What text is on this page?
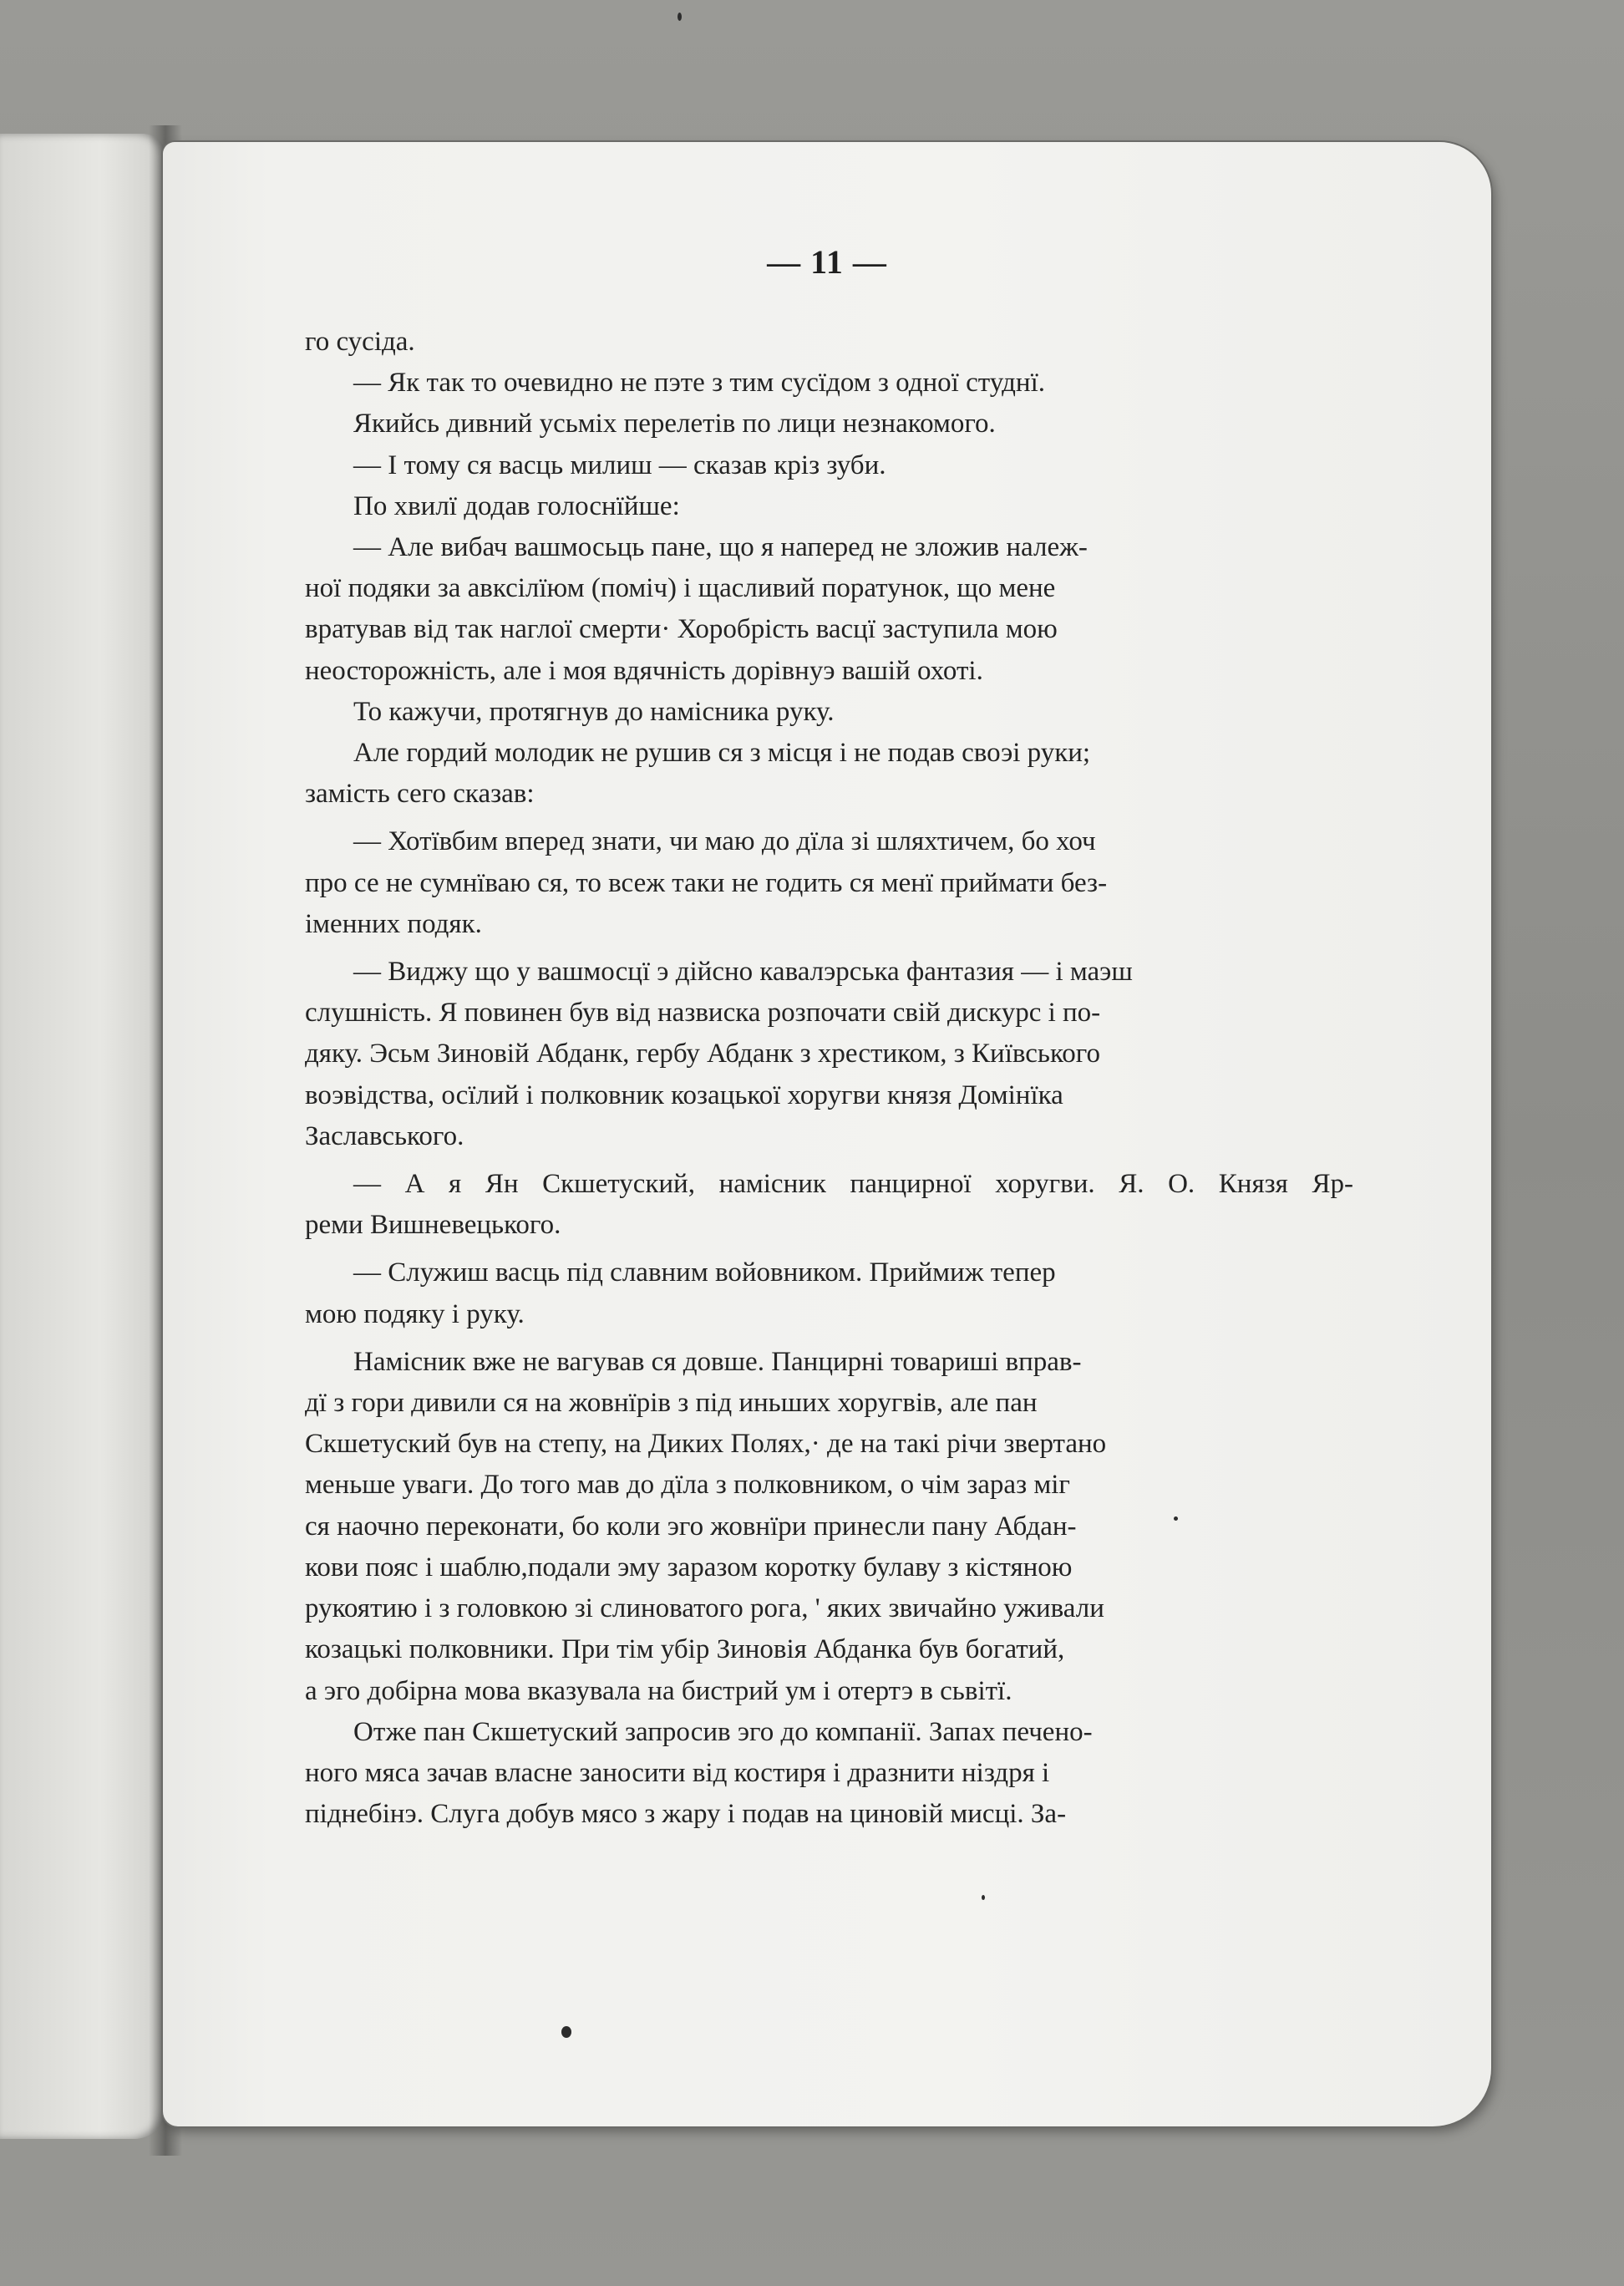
— 11 —
го сусіда.
— Як так то очевидно не пэте з тим сусїдом з одної студнї.
Якийсь дивний усьміх перелетів по лици незнакомого.
— І тому ся васць милиш — сказав кріз зуби.
По хвилї додав голоснїйше:
— Але вибач вашмосьць пане, що я наперед не зложив належ-
ної подяки за авксілїюм (поміч) і щасливий поратунок, що мене
вратував від так наглої смерти· Хоробрість васцї заступила мою
неосторожність, але і моя вдячність дорівнуэ вашій охоті.
То кажучи, протягнув до намісника руку.
Але гордий молодик не рушив ся з місця і не подав своэі руки;
замість сего сказав:
— Хотївбим вперед знати, чи маю до дїла зі шляхтичем, бо хоч
про се не сумнїваю ся, то всеж таки не годить ся менї приймати без-
іменних подяк.
— Виджу що у вашмосцї э дійсно кавалэрська фантазия — і маэш
слушність. Я повинен був від назвиска розпочати свій дискурс і по-
дяку. Эсьм Зиновій Абданк, гербу Абданк з хрестиком, з Київського
воэвідства, осїлий і полковник козацької хоругви князя Домінїка
Заславського.
— А я Ян Скшетуский, намісник панцирної хоругви. Я. О. Князя Яр-
реми Вишневецького.
— Служиш васць під славним войовником. Приймиж тепер
мою подяку і руку.
Намісник вже не вагував ся довше. Панцирні товариші вправ-
дї з гори дивили ся на жовнїрів з під иньших хоругвів, але пан
Скшетуский був на степу, на Диких Полях,· де на такі річи звертано
меньше уваги. До того мав до дїла з полковником, о чім зараз міг
ся наочно переконати, бо коли эго жовнїри принесли пану Абдан-
кови пояс і шаблю,подали эму заразом коротку булаву з кістяною
рукоятию і з головкою зі слиноватого рога, ' яких звичайно уживали
козацькі полковники. При тім убір Зиновія Абданка був богатий,
а эго добірна мова вказувала на бистрий ум і отертэ в сьвітї.
Отже пан Скшетуский запросив эго до компанії. Запах печено-
ного мяса зачав власне заносити від костиря і дразнити ніздря і
піднебінэ. Слуга добув мясо з жару і подав на циновій мисці. За-
